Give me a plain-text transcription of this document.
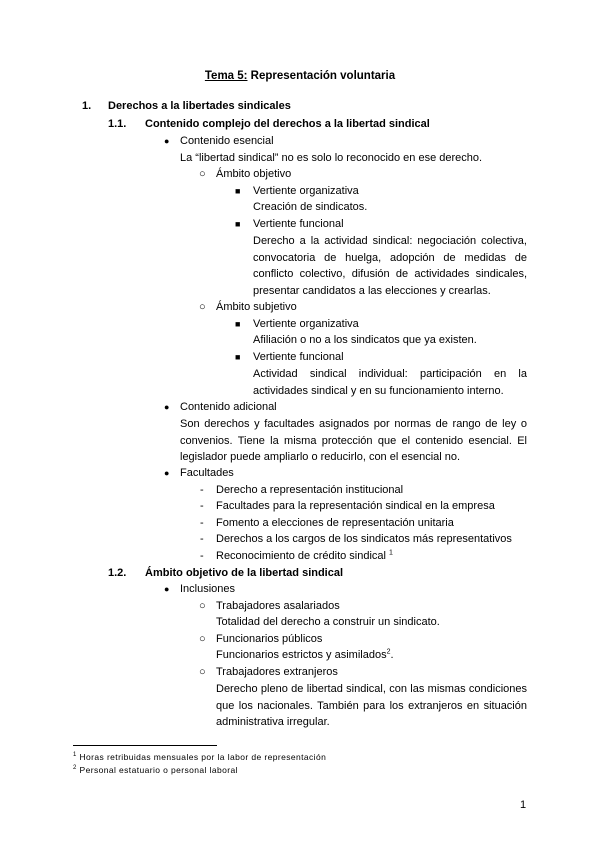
Tema 5: Representación voluntaria
1. Derechos a la libertades sindicales
1.1. Contenido complejo del derechos a la libertad sindical
● Contenido esencial
La “libertad sindical” no es solo lo reconocido en ese derecho.
○ Ámbito objetivo
■ Vertiente organizativa
Creación de sindicatos.
■ Vertiente funcional
Derecho a la actividad sindical: negociación colectiva, convocatoria de huelga, adopción de medidas de conflicto colectivo, difusión de actividades sindicales, presentar candidatos a las elecciones y crearlas.
○ Ámbito subjetivo
■ Vertiente organizativa
Afiliación o no a los sindicatos que ya existen.
■ Vertiente funcional
Actividad sindical individual: participación en la actividades sindical y en su funcionamiento interno.
● Contenido adicional
Son derechos y facultades asignados por normas de rango de ley o convenios. Tiene la misma protección que el contenido esencial. El legislador puede ampliarlo o reducirlo, con el esencial no.
● Facultades
- Derecho a representación institucional
- Facultades para la representación sindical en la empresa
- Fomento a elecciones de representación unitaria
- Derechos a los cargos de los sindicatos más representativos
- Reconocimiento de crédito sindical $^1$
1.2. Ámbito objetivo de la libertad sindical
● Inclusiones
○ Trabajadores asalariados
Totalidad del derecho a construir un sindicato.
○ Funcionarios públicos
Funcionarios estrictos y asimilados$^2$.
○ Trabajadores extranjeros
Derecho pleno de libertad sindical, con las mismas condiciones que los nacionales. También para los extranjeros en situación administrativa irregular.
$^1$ Horas retribuidas mensuales por la labor de representación
$^2$ Personal estatuario o personal laboral
1
